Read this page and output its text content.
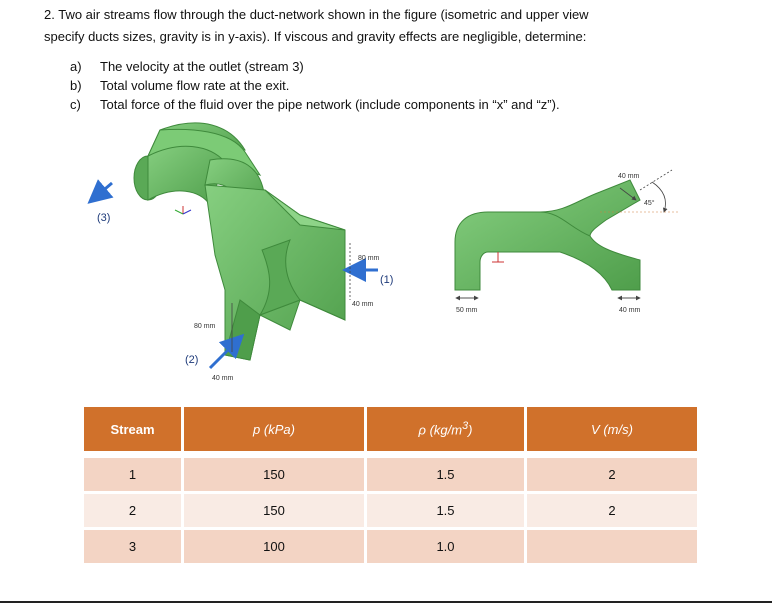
2. Two air streams flow through the duct-network shown in the figure (isometric and upper view

specify ducts sizes, gravity is in y-axis). If viscous and gravity effects are negligible, determine:

a) The velocity at the outlet (stream 3)
b) Total volume flow rate at the exit.
c) Total force of the fluid over the pipe network (include components in “x” and “z”).
(3)
(1)
(2)
80 mm
40 mm
80 mm
40 mm
50 mm	40 mm
40 mm
45°
Stream	p (kPa)	ρ $(kg/m^3)$	V (m/s)
1	150	1.5	2
2	150	1.5	2
3	100	1.0	
